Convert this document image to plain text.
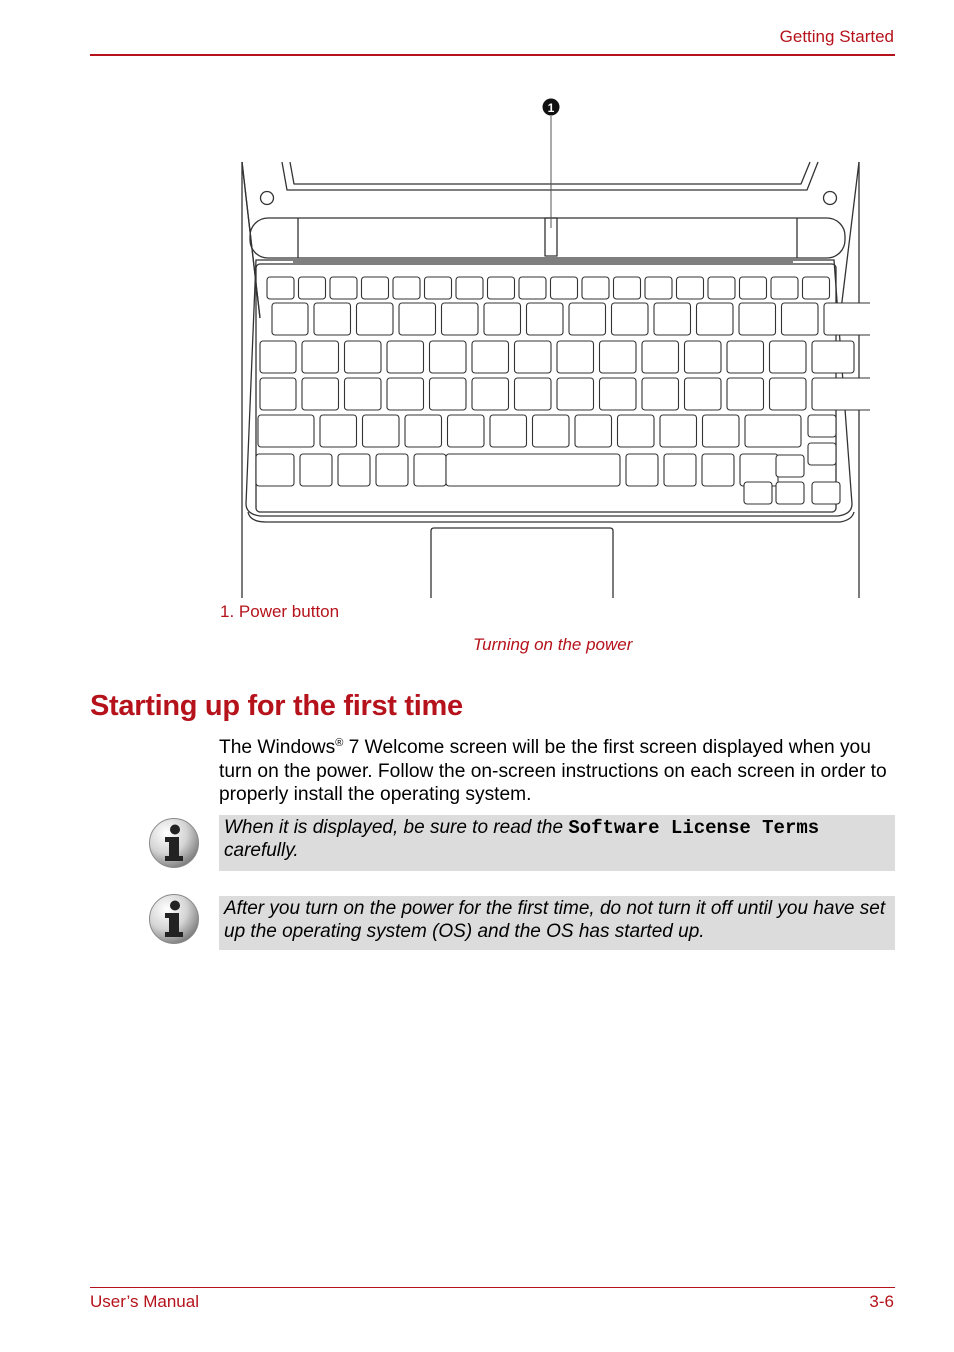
Getting Started
1
1. Power button
Turning on the power
Starting up for the first time

The Windows® 7 Welcome screen will be the first screen displayed when you turn on the power. Follow the on-screen instructions on each screen in order to properly install the operating system.

When it is displayed, be sure to read the Software License Terms carefully.

After you turn on the power for the first time, do not turn it off until you have set up the operating system (OS) and the OS has started up.

User’s Manual	3-6
